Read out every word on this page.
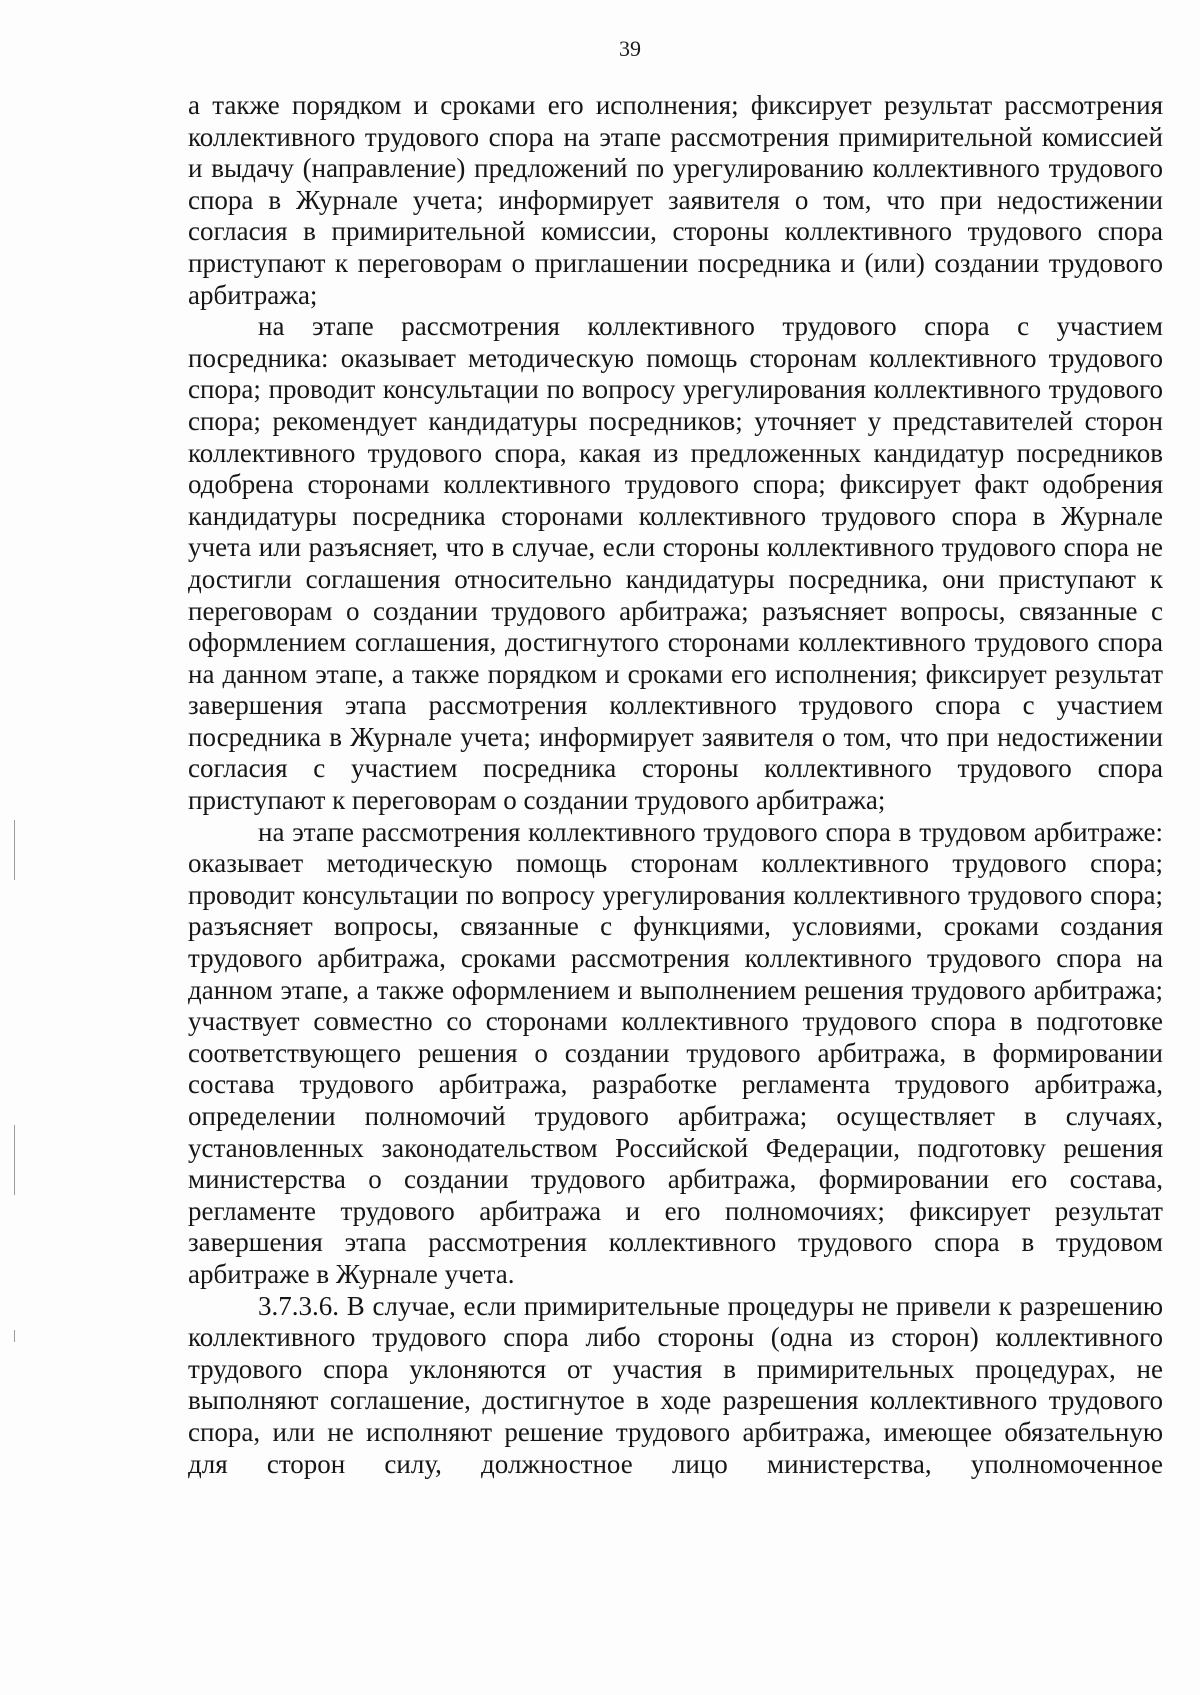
39

а также порядком и сроками его исполнения; фиксирует результат рассмотрения коллективного трудового спора на этапе рассмотрения примирительной комиссией и выдачу (направление) предложений по урегулированию коллективного трудового спора в Журнале учета; информирует заявителя о том, что при недостижении согласия в примирительной комиссии, стороны коллективного трудового спора приступают к переговорам о приглашении посредника и (или) создании трудового арбитража;

на этапе рассмотрения коллективного трудового спора с участием посредника: оказывает методическую помощь сторонам коллективного трудового спора; проводит консультации по вопросу урегулирования коллективного трудового спора; рекомендует кандидатуры посредников; уточняет у представителей сторон коллективного трудового спора, какая из предложенных кандидатур посредников одобрена сторонами коллективного трудового спора; фиксирует факт одобрения кандидатуры посредника сторонами коллективного трудового спора в Журнале учета или разъясняет, что в случае, если стороны коллективного трудового спора не достигли соглашения относительно кандидатуры посредника, они приступают к переговорам о создании трудового арбитража; разъясняет вопросы, связанные с оформлением соглашения, достигнутого сторонами коллективного трудового спора на данном этапе, а также порядком и сроками его исполнения; фиксирует результат завершения этапа рассмотрения коллективного трудового спора с участием посредника в Журнале учета; информирует заявителя о том, что при недостижении согласия с участием посредника стороны коллективного трудового спора приступают к переговорам о создании трудового арбитража;

на этапе рассмотрения коллективного трудового спора в трудовом арбитраже: оказывает методическую помощь сторонам коллективного трудового спора; проводит консультации по вопросу урегулирования коллективного трудового спора; разъясняет вопросы, связанные с функциями, условиями, сроками создания трудового арбитража, сроками рассмотрения коллективного трудового спора на данном этапе, а также оформлением и выполнением решения трудового арбитража; участвует совместно со сторонами коллективного трудового спора в подготовке соответствующего решения о создании трудового арбитража, в формировании состава трудового арбитража, разработке регламента трудового арбитража, определении полномочий трудового арбитража; осуществляет в случаях, установленных законодательством Российской Федерации, подготовку решения министерства о создании трудового арбитража, формировании его состава, регламенте трудового арбитража и его полномочиях; фиксирует результат завершения этапа рассмотрения коллективного трудового спора в трудовом арбитраже в Журнале учета.

3.7.3.6. В случае, если примирительные процедуры не привели к разрешению коллективного трудового спора либо стороны (одна из сторон) коллективного трудового спора уклоняются от участия в примирительных процедурах, не выполняют соглашение, достигнутое в ходе разрешения коллективного трудового спора, или не исполняют решение трудового арбитража, имеющее обязательную для сторон силу, должностное лицо министерства, уполномоченное
